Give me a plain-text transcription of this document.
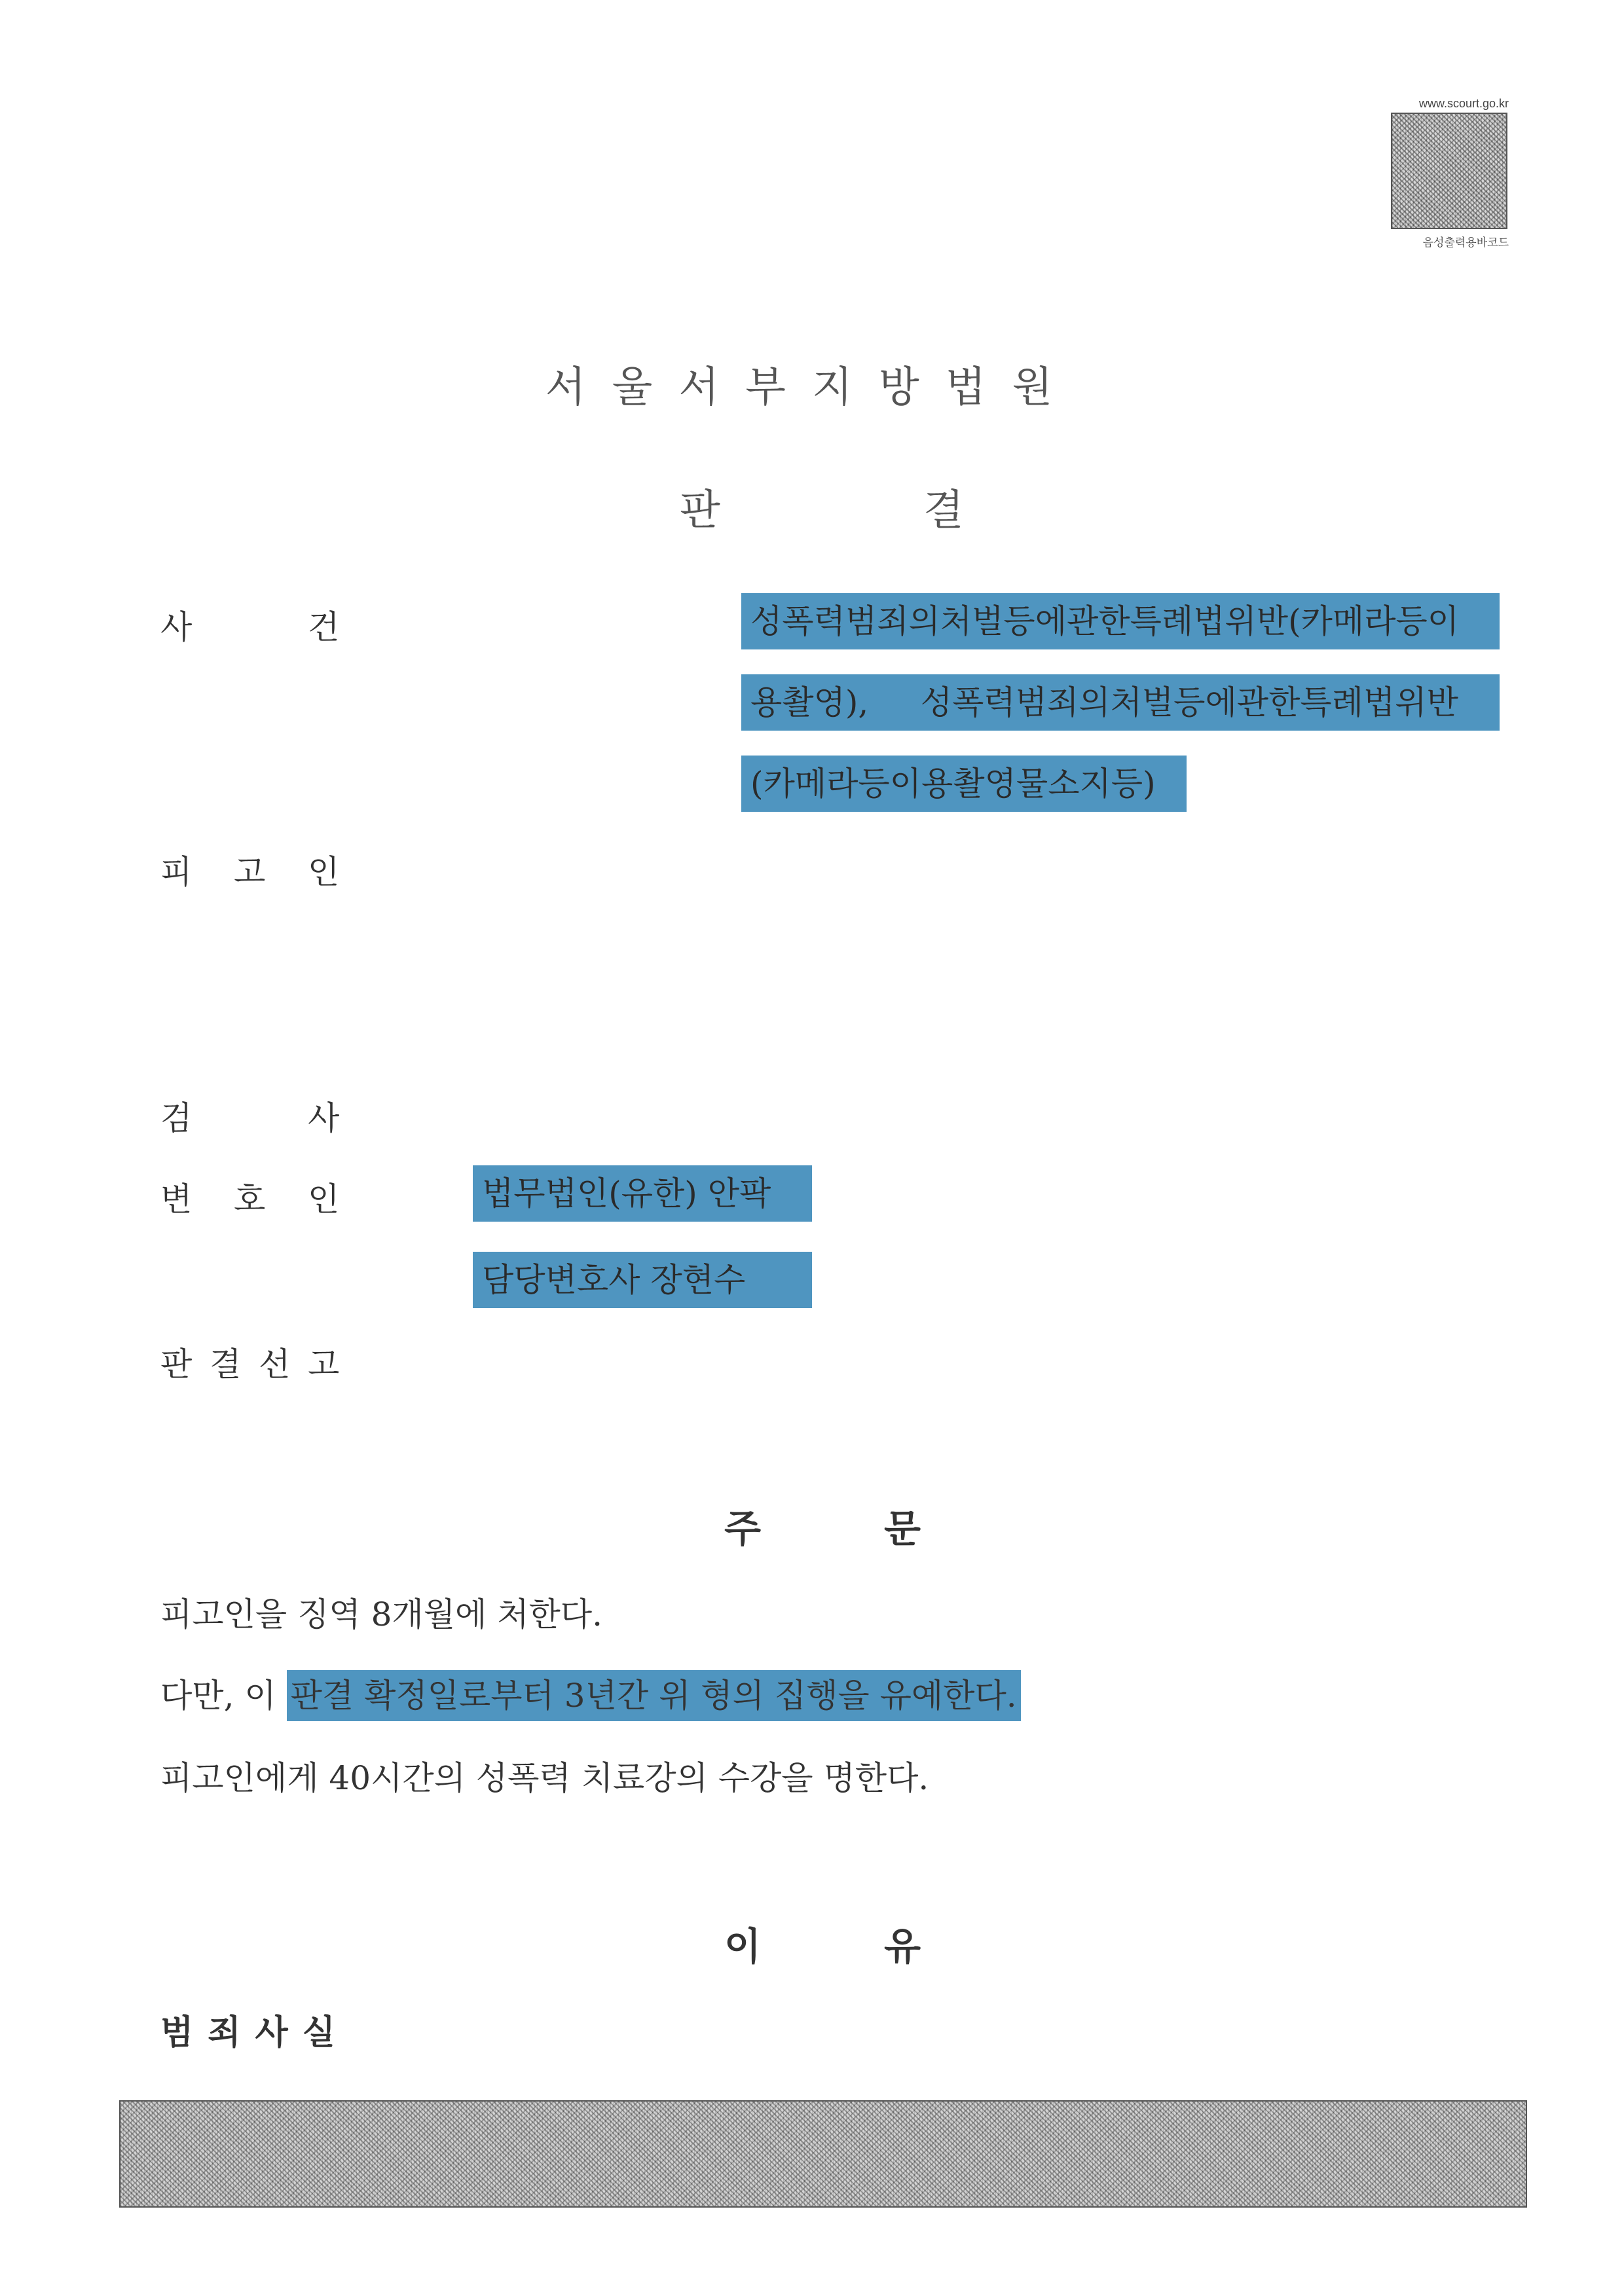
www.scourt.go.kr
음성출력용바코드
서울서부지방법원
판	결
사	건	성폭력범죄의처벌등에관한특례법위반(카메라등이
용촬영),     성폭력범죄의처벌등에관한특례법위반
(카메라등이용촬영물소지등)
피 고 인
검	사
변 호 인	법무법인(유한) 안팍
담당변호사 장현수
판 결 선 고
주	문
피고인을 징역 8개월에 처한다.
다만, 이 판결 확정일로부터 3년간 위 형의 집행을 유예한다.
피고인에게 40시간의 성폭력 치료강의 수강을 명한다.
이	유
범죄사실
